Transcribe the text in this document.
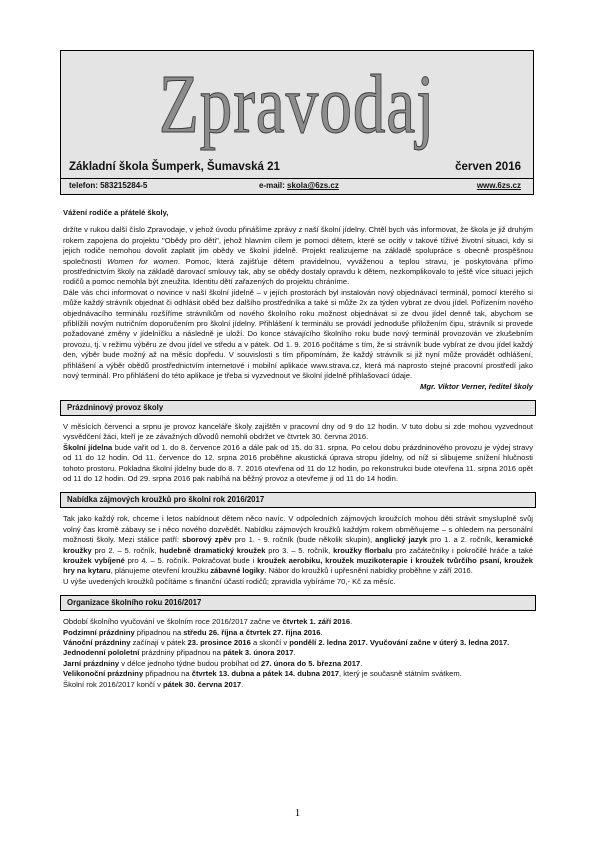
Zpravodaj
Základní škola Šumperk, Šumavská 21	červen 2016
telefon: 583215284-5	e-mail: skola@6zs.cz	www.6zs.cz

Vážení rodiče a přátelé školy,

držíte v rukou další číslo Zpravodaje, v jehož úvodu přinášíme zprávy z naší školní jídelny. Chtěl bych vás informovat, že škola je již druhým rokem zapojena do projektu "Obědy pro děti", jehož hlavním cílem je pomoci dětem, které se ocitly v takové tíživé životní situaci, kdy si jejich rodiče nemohou dovolit zaplatit jim obědy ve školní jídelně. Projekt realizujeme na základě spolupráce s obecně prospěšnou společností Women for women. Pomoc, která zajišťuje dětem pravidelnou, vyváženou a teplou stravu, je poskytována přímo prostřednictvím školy na základě darovací smlouvy tak, aby se obědy dostaly opravdu k dětem, nezkomplikovalo to ještě více situaci jejich rodičů a pomoc nemohla být zneužita. Identitu dětí zařazených do projektu chráníme.

Dále vás chci informovat o novince v naší školní jídelně – v jejích prostorách byl instalován nový objednávací terminál, pomocí kterého si může každý strávník objednat či odhlásit oběd bez dalšího prostředníka a také si může 2x za týden vybrat ze dvou jídel. Pořízením nového objednávacího terminálu rozšíříme strávníkům od nového školního roku možnost objednávat si ze dvou jídel denně tak, abychom se přiblížili novým nutričním doporučením pro školní jídelny. Přihlášení k terminálu se provádí jednoduše přiložením čipu, strávník si provede požadované změny v jídelníčku a následně je uloží. Do konce stávajícího školního roku bude nový terminál provozován ve zkušebním provozu, tj. v režimu výběru ze dvou jídel ve středu a v pátek. Od 1. 9. 2016 počítáme s tím, že si strávník bude vybírat ze dvou jídel každý den, výběr bude možný až na měsíc dopředu. V souvislosti s tím připomínám, že každý strávník si již nyní může provádět odhlášení, přihlášení a výběr obědů prostřednictvím internetové i mobilní aplikace www.strava.cz, která má naprosto stejné pracovní prostředí jako nový terminál. Pro přihlášení do této aplikace je třeba si vyzvednout ve školní jídelně přihlašovací údaje.

Mgr. Viktor Verner, ředitel školy

Prázdninový provoz školy

V měsících červenci a srpnu je provoz kanceláře školy zajištěn v pracovní dny od 9 do 12 hodin. V tuto dobu si zde mohou vyzvednout vysvědčení žáci, kteří je ze závažných důvodů nemohli obdržet ve čtvrtek 30. června 2016.

Školní jídelna bude vařit od 1. do 8. července 2016 a dále pak od 15. do 31. srpna. Po celou dobu prázdninového provozu je výdej stravy od 11 do 12 hodin. Od 11. července do 12. srpna 2016 proběhne akustická úprava stropu jídelny, od níž si slibujeme snížení hlučnosti tohoto prostoru. Pokladna školní jídelny bude do 8. 7. 2016 otevřena od 11 do 12 hodin, po rekonstrukci bude otevřena 11. srpna 2016 opět od 11 do 12 hodin. Od 29. srpna 2016 pak nabíhá na běžný provoz a otevřeme ji od 11 do 14 hodin.

Nabídka zájmových kroužků pro školní rok 2016/2017

Tak jako každý rok, chceme i letos nabídnout dětem něco navíc. V odpoledních zájmových kroužcích mohou děti strávit smysluplně svůj volný čas kromě zábavy se i něco nového dozvědět. Nabídku zájmových kroužků každým rokem obměňujeme – s ohledem na personální možnosti školy. Mezi stálice patří: sborový zpěv pro 1. - 9. ročník (bude několik skupin), anglický jazyk pro 1. a 2. ročník, keramické kroužky pro 2. – 5. ročník, hudebně dramatický kroužek pro 3. – 5. ročník, kroužky florbalu pro začátečníky i pokročilé hráče a také kroužek vybíjené pro 4. – 5. ročník. Pokračovat bude i kroužek aerobiku, kroužek muzikoterapie i kroužek tvůrčího psaní, kroužek hry na kytaru, plánujeme otevření kroužku zábavné logiky. Nábor do kroužků i upřesnění nabídky proběhne v září 2016.

U výše uvedených kroužků počítáme s finanční účastí rodičů; zpravidla vybíráme 70,- Kč za měsíc.

Organizace školního roku 2016/2017

Období školního vyučování ve školním roce 2016/2017 začne ve čtvrtek 1. září 2016.

Podzimní prázdniny připadnou na středu 26. října a čtvrtek 27. října 2016.

Vánoční prázdniny začínají v pátek 23. prosince 2016 a skončí v pondělí 2. ledna 2017. Vyučování začne v úterý 3. ledna 2017.

Jednodenní pololetní prázdniny připadnou na pátek 3. února 2017.

Jarní prázdniny v délce jednoho týdne budou probíhat od 27. února do 5. března 2017.

Velikonoční prázdniny připadnou na čtvrtek 13. dubna a pátek 14. dubna 2017, který je současně státním svátkem.

Školní rok 2016/2017 končí v pátek 30. června 2017.

1
